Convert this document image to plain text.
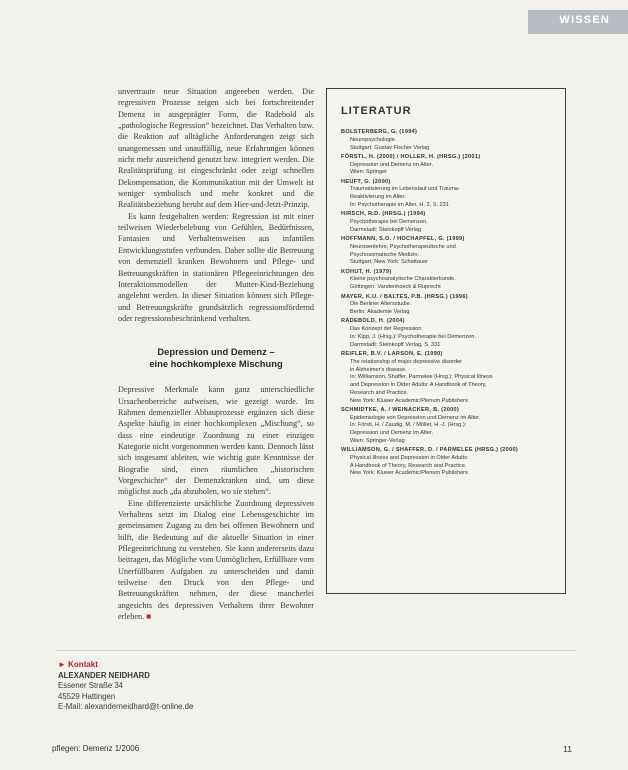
WISSEN

unvertraute neue Situation angeeeben werden. Die regressiven Prozesse zeigen sich bei fortschreitender Demenz in ausgeprägter Form, die Radebold als „pathologische Regression“ bezeichnet. Das Verhalten bzw. die Reaktion auf alltägliche Anforderungen zeigt sich unangemessen und unauffällig, neue Erfahrungen können nicht mehr ausreichend genutzt bzw. integriert werden. Die Realitätsprüfung ist eingeschränkt oder zeigt schnellen Dekompensation, die Kommunikation mit der Umwelt ist weniger symbolisch und mehr konkret und die Realitätsbeziehung beruht auf dem Hier-und-Jetzt-Prinzip.

Es kann festgehalten werden: Regression ist mit einer teilweisen Wiederbelebung von Gefühlen, Bedürfnissen, Fantasien und Verhaltensweisen aus infantilen Entwicklungsstufen verbunden. Daher sollte die Betreuung von demenziell kranken Bewohnern und Pflege- und Betreuungskräften in stationären Pflegeeinrichtungen den Interaktionsmodellen der Mutter-Kind-Beziehung angelehnt werden. In dieser Situation können sich Pflege- und Betreuungskräfte grundsätzlich regressionsfördernd oder regressionsbeschränkend verhalten.

Depression und Demenz –
eine hochkomplexe Mischung

Depressive Merkmale kann ganz unterschiedliche Ursachenbereiche aufweisen, wie gezeigt wurde. Im Rahmen demenzieller Abbauprozesse ergänzen sich diese Aspekte häufig in einer hochkomplexen „Mischung“, so dass eine eindeutige Zuordnung zu einer einzigen Kategorie nicht vorgenommen werden kann. Dennoch lässt sich insgesamt ableiten, wie wichtig gute Kenntnisse der Biografie sind, einen räumlichen „historischen Vorgeschichte“ der Demenzkranken sind, um diese möglichst auch „da abzuholen, wo sie stehen“.

Eine differenzierte ursächliche Zuordnung depressiven Verhaltens setzt im Dialog eine Lebensgeschichte im gemeinsamen Zugang zu den bei offenen Bewohnern und hilft, die Bedeutung auf die aktuelle Situation in einer Pflegeeinrichtung zu verstehen. Sie kann andererseits dazu beitragen, das Mögliche vom Unmöglichen, Erfüllbare vom Unerfüllbaren Aufgaben zu unterscheiden und damit teilweise den Druck von den Pflege- und Betreuungskräften nehmen, der diese mancherlei angesichts des depressiven Verhaltens ihrer Bewohner erleben. ■

LITERATUR
BOLSTERBERG, G. (1994)
Neuropsychologie.
Stuttgart: Gustav Fischer Verlag
FÖRSTL, H. (2000) / HOLLER, H. (HRSG.) (2001)
Depression und Demenz im Alter.
Wien: Springer
HEUFT, G. (2000)
Traumatisierung im Lebenslauf und Trauma-
Reaktivierung im Alter.
In: Psychotherapie im Alter, H. 2, S. 231
HIRSCH, R.D. (HRSG.) (1994)
Psychotherapie bei Demenzen.
Darmstadt: Steinkopff Verlag
HOFFMANN, S.O. / HOCHAPFEL, G. (1999)
Neurosenlehre, Psychotherapeutische und
Psychosomatische Medizin.
Stuttgart, New York: Schattauer
KOHUT, H. (1979)
Kleine psychoanalytische Charakterkunde.
Göttingen: Vandenhoeck & Ruprecht
MAYER, K.U. / BALTES, P.B. (HRSG.) (1996)
Die Berliner Altersstudie.
Berlin: Akademie Verlag
RADEBOLD, H. (2004)
Das Konzept der Regression.
In: Kipp, J. (Hrsg.): Psychotherapie bei Demenzen.
Darmstadt: Steinkopff Verlag, S. 331
REIFLER, B.V. / LARSON, E. (1990)
The relationship of major depressive disorder
in Alzheimer's disease.
In: Williamson, Shaffer, Parmelee (Hrsg.): Physical Illness
and Depression in Older Adults: A Handbook of Theory,
Research and Practice.
New York: Kluwer Academic/Plenum Publishers
SCHMIDTKE, A. / WEINACKER, B. (2000)
Epidemiologie von Depression und Demenz im Alter.
In: Förstl, H. / Zaudig, M. / Möller, H.-J. (Hrsg.):
Depression und Demenz im Alter.
Wien: Springer-Verlag
WILLIAMSON, G. / SHAFFER, D. / PARMELEE (HRSG.) (2000)
Physical Illness and Depression in Older Adults:
A Handbook of Theory, Research and Practice.
New York: Kluwer Academic/Plenum Publishers
► Kontakt
ALEXANDER NEIDHARD
Essener Straße 34
45529 Hattingen
E-Mail: alexanderneidhard@t-online.de
pflegen: Demenz 1/2006	11
